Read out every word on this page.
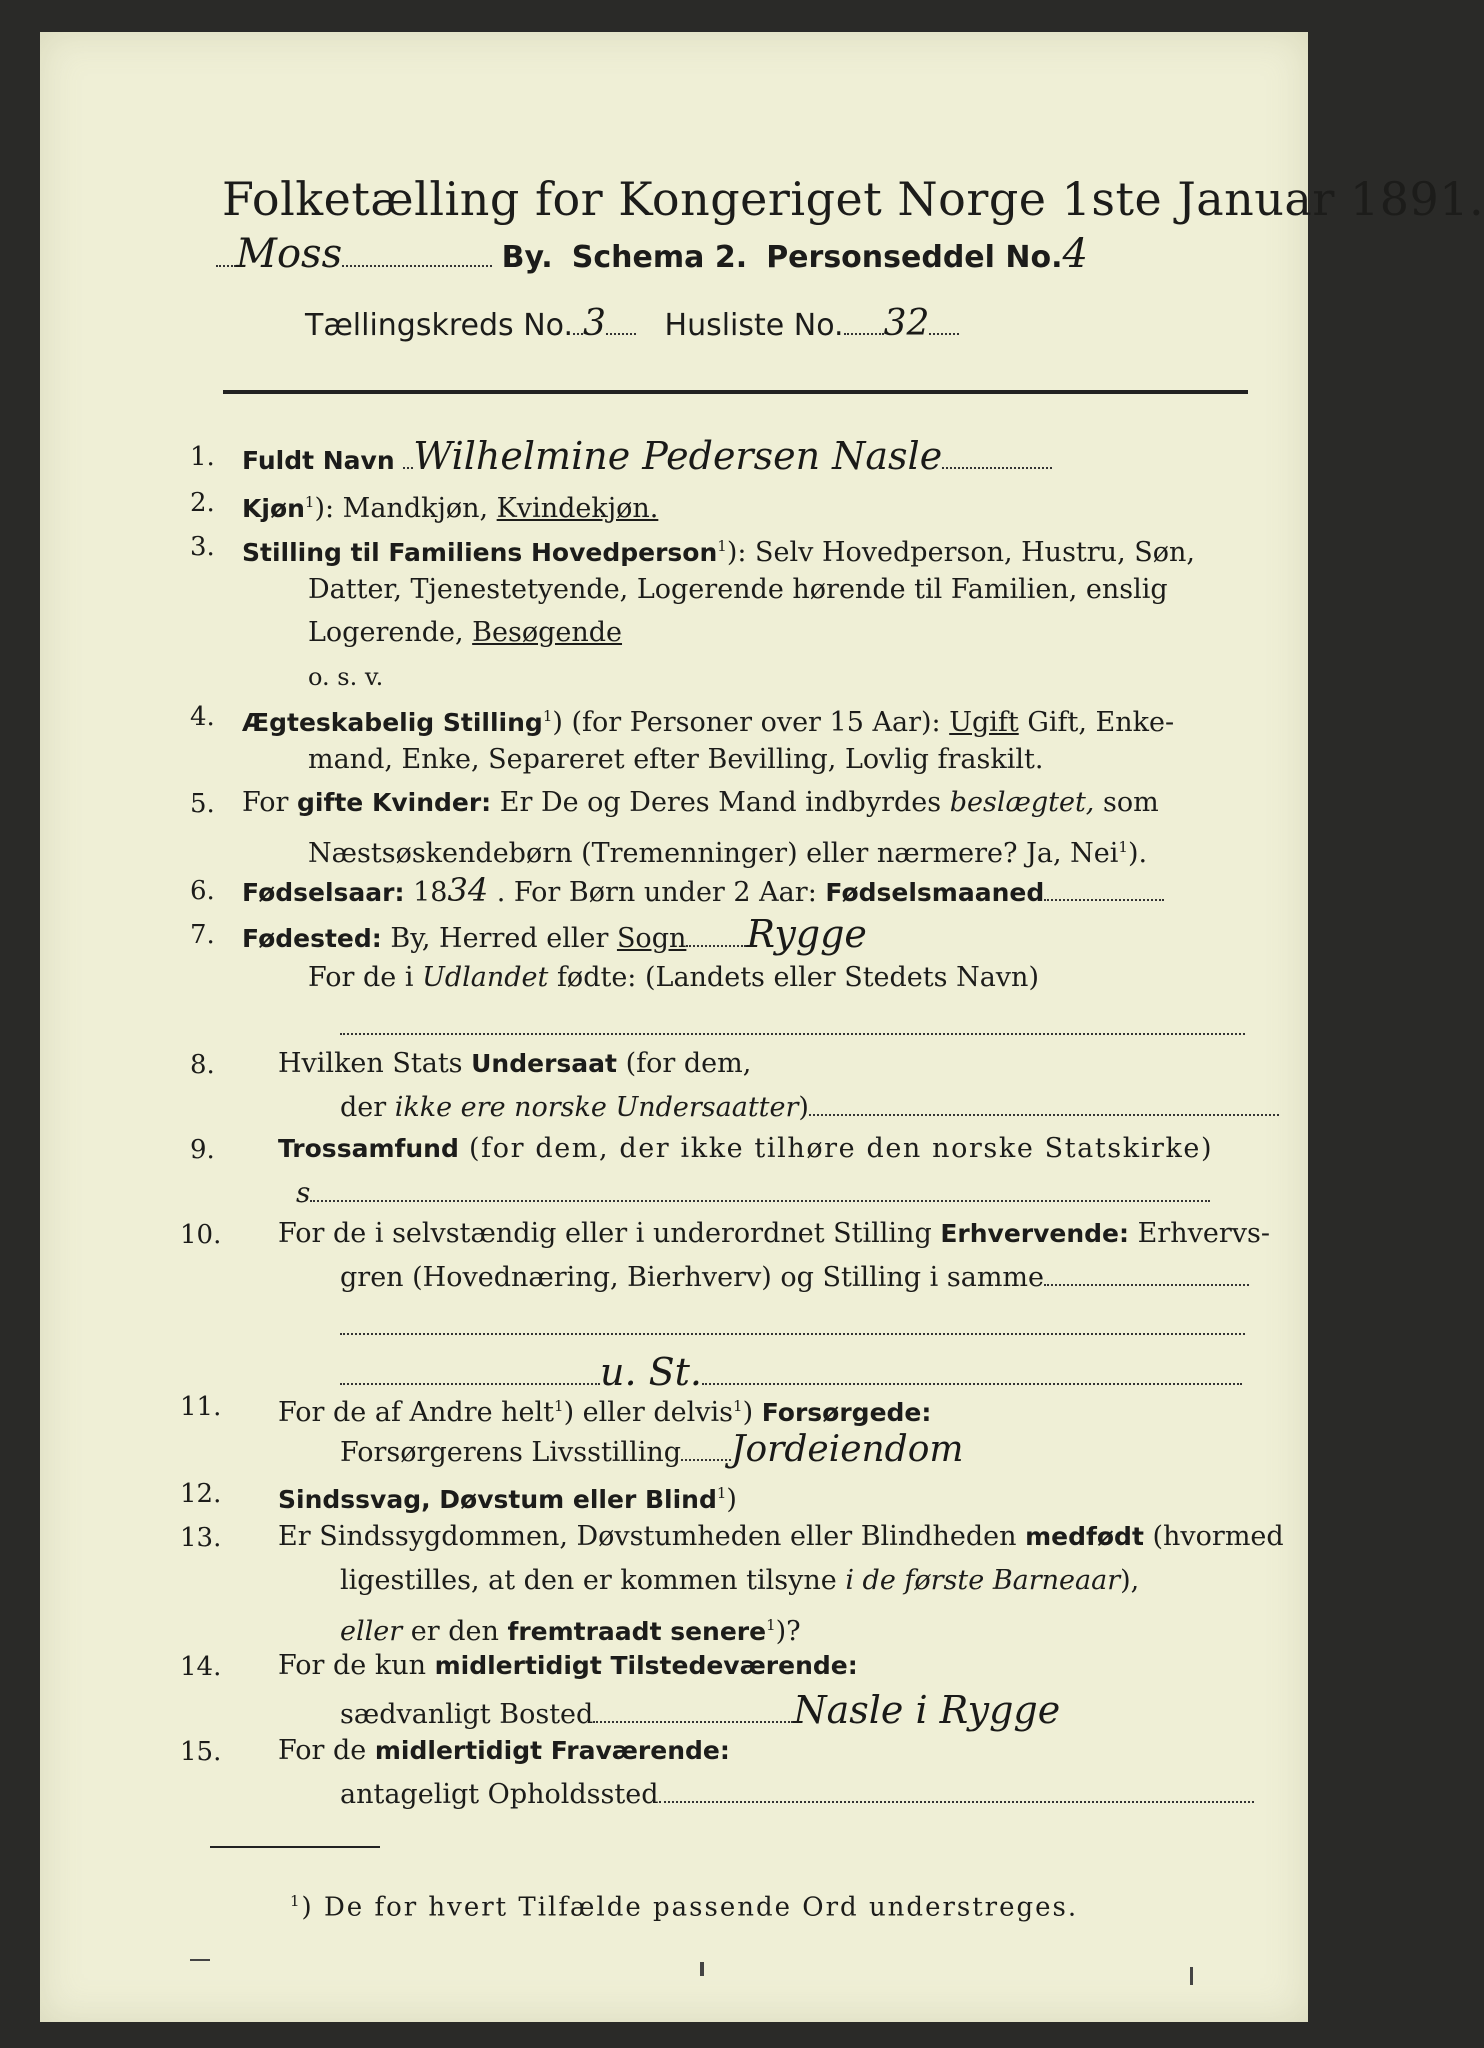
Folketælling for Kongeriget Norge 1ste Januar 1891.
Moss	By. Schema 2. Personseddel No.4
Tællingskreds No. 3 Husliste No. 32
1. Fuldt Navn Wilhelmine Pedersen Nasle
2. Kjøn$^1$): Mandkjøn, Kvindekjøn.
3. Stilling til Familiens Hovedperson$^1$): Selv Hovedperson, Hustru, Søn,
Datter, Tjenestetyende, Logerende hørende til Familien, enslig
Logerende, Besøgende
o. s. v.
4. Ægteskabelig Stilling$^1$) (for Personer over 15 Aar): Ugift Gift, Enke-
mand, Enke, Separeret efter Bevilling, Lovlig fraskilt.
5. For gifte Kvinder: Er De og Deres Mand indbyrdes beslægtet, som
Næstsøskendebørn (Tremenninger) eller nærmere? Ja, Nei$^1$).
6. Fødselsaar: 1834 . For Børn under 2 Aar: Fødselsmaaned
7. Fødested: By, Herred eller Sogn Rygge
For de i Udlandet fødte: (Landets eller Stedets Navn)
8. Hvilken Stats Undersaat (for dem,
der ikke ere norske Undersaatter)
9.	Trossamfund (for dem, der ikke tilhøre den norske Statskirke)
s
10. For de i selvstændig eller i underordnet Stilling Erhvervende: Erhvervs-
gren (Hovednæring, Bierhverv) og Stilling i samme
u. St.
11. For de af Andre helt$^1$) eller delvis$^1$) Forsørgede:
Forsørgerens Livsstilling Jordeiendom
12. Sindssvag, Døvstum eller Blind$^1$)
13. Er Sindssygdommen, Døvstumheden eller Blindheden medfødt (hvormed
ligestilles, at den er kommen tilsyne i de første Barneaar),
eller er den fremtraadt senere$^1$)?
14. For de kun midlertidigt Tilstedeværende:
sædvanligt Bosted	Nasle i Rygge
15. For de midlertidigt Fraværende:
antageligt Opholdssted
$^1$) De for hvert Tilfælde passende Ord understreges.
